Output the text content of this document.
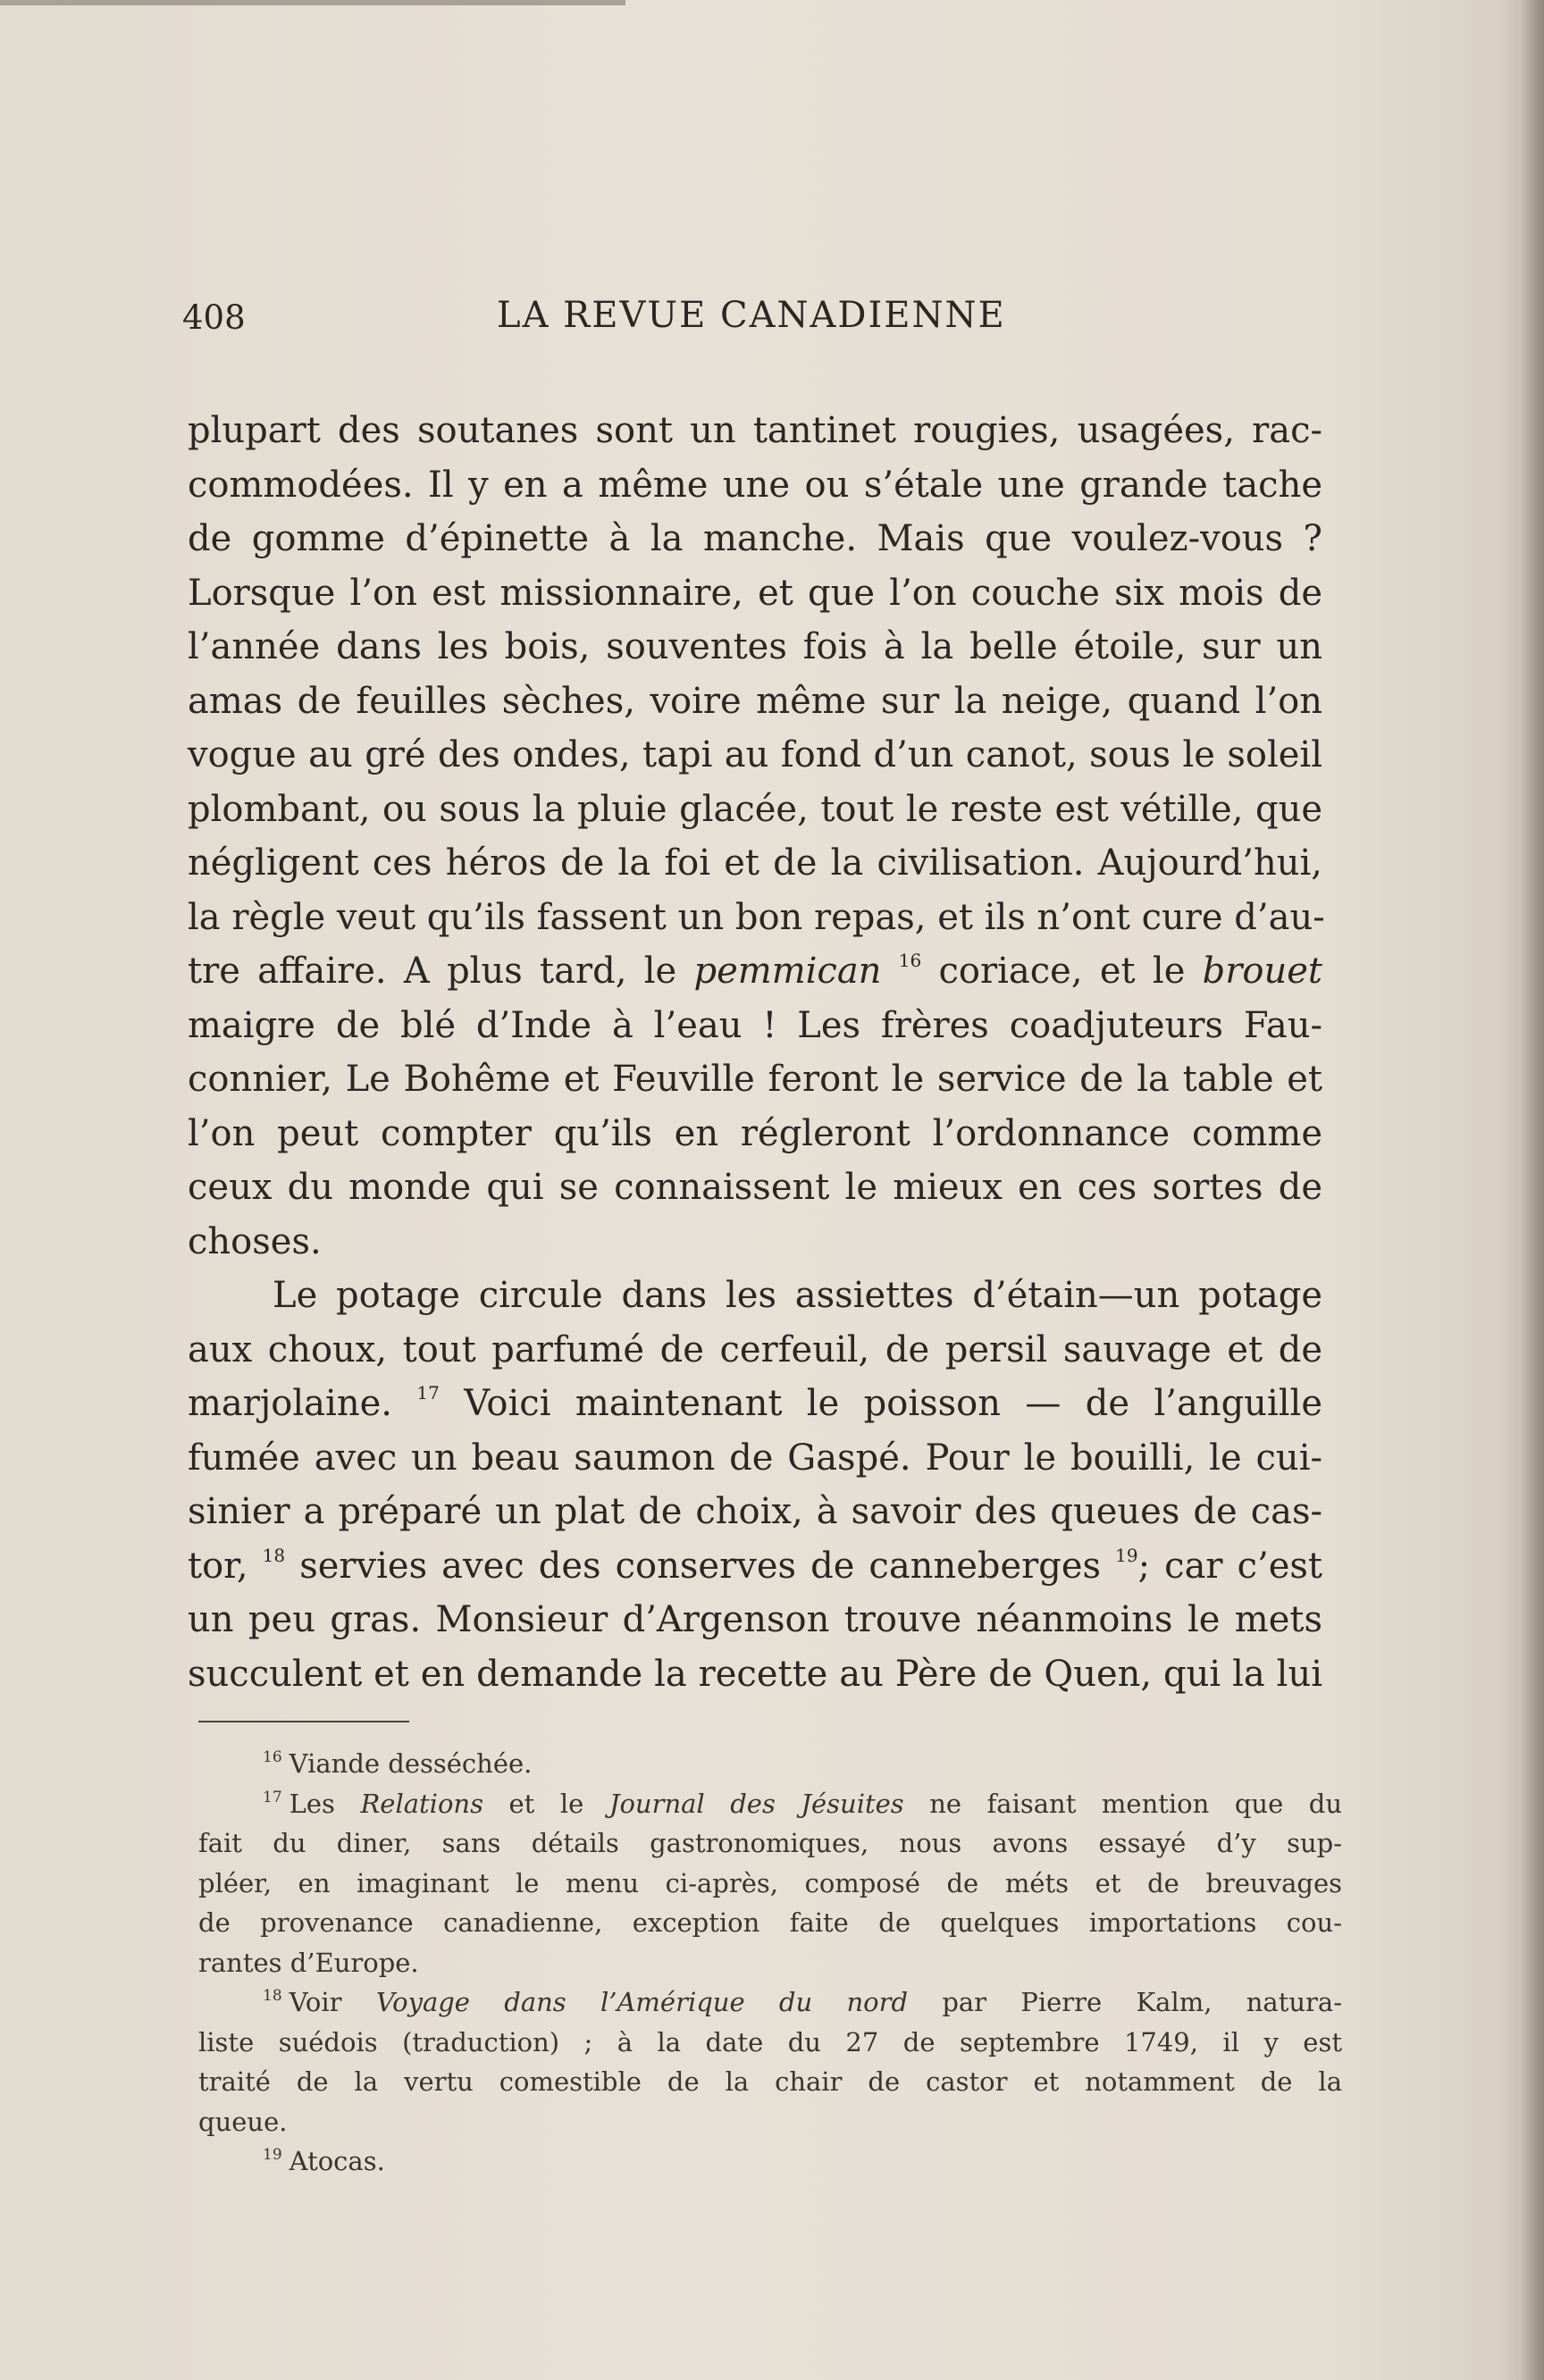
408	LA REVUE CANADIENNE
plupart des soutanes sont un tantinet rougies, usagées, rac-
commodées. Il y en a même une ou s’étale une grande tache
de gomme d’épinette à la manche. Mais que voulez-vous ?
Lorsque l’on est missionnaire, et que l’on couche six mois de
l’année dans les bois, souventes fois à la belle étoile, sur un
amas de feuilles sèches, voire même sur la neige, quand l’on
vogue au gré des ondes, tapi au fond d’un canot, sous le soleil
plombant, ou sous la pluie glacée, tout le reste est vétille, que
négligent ces héros de la foi et de la civilisation. Aujourd’hui,
la règle veut qu’ils fassent un bon repas, et ils n’ont cure d’au-
tre affaire. A plus tard, le pemmican $^{16}$ coriace, et le brouet
maigre de blé d’Inde à l’eau ! Les frères coadjuteurs Fau-
connier, Le Bohême et Feuville feront le service de la table et
l’on peut compter qu’ils en régleront l’ordonnance comme
ceux du monde qui se connaissent le mieux en ces sortes de
choses.
Le potage circule dans les assiettes d’étain—un potage
aux choux, tout parfumé de cerfeuil, de persil sauvage et de
marjolaine. $^{17}$ Voici maintenant le poisson — de l’anguille
fumée avec un beau saumon de Gaspé. Pour le bouilli, le cui-
sinier a préparé un plat de choix, à savoir des queues de cas-
tor, $^{18}$ servies avec des conserves de canneberges $^{19}$; car c’est
un peu gras. Monsieur d’Argenson trouve néanmoins le mets
succulent et en demande la recette au Père de Quen, qui la lui
$^{16}$ Viande desséchée.
$^{17}$ Les Relations et le Journal des Jésuites ne faisant mention que du
fait du diner, sans détails gastronomiques, nous avons essayé d’y sup-
pléer, en imaginant le menu ci-après, composé de méts et de breuvages
de provenance canadienne, exception faite de quelques importations cou-
rantes d’Europe.
$^{18}$ Voir Voyage dans l’Amérique du nord par Pierre Kalm, natura-
liste suédois (traduction) ; à la date du 27 de septembre 1749, il y est
traité de la vertu comestible de la chair de castor et notamment de la
queue.
$^{19}$ Atocas.
